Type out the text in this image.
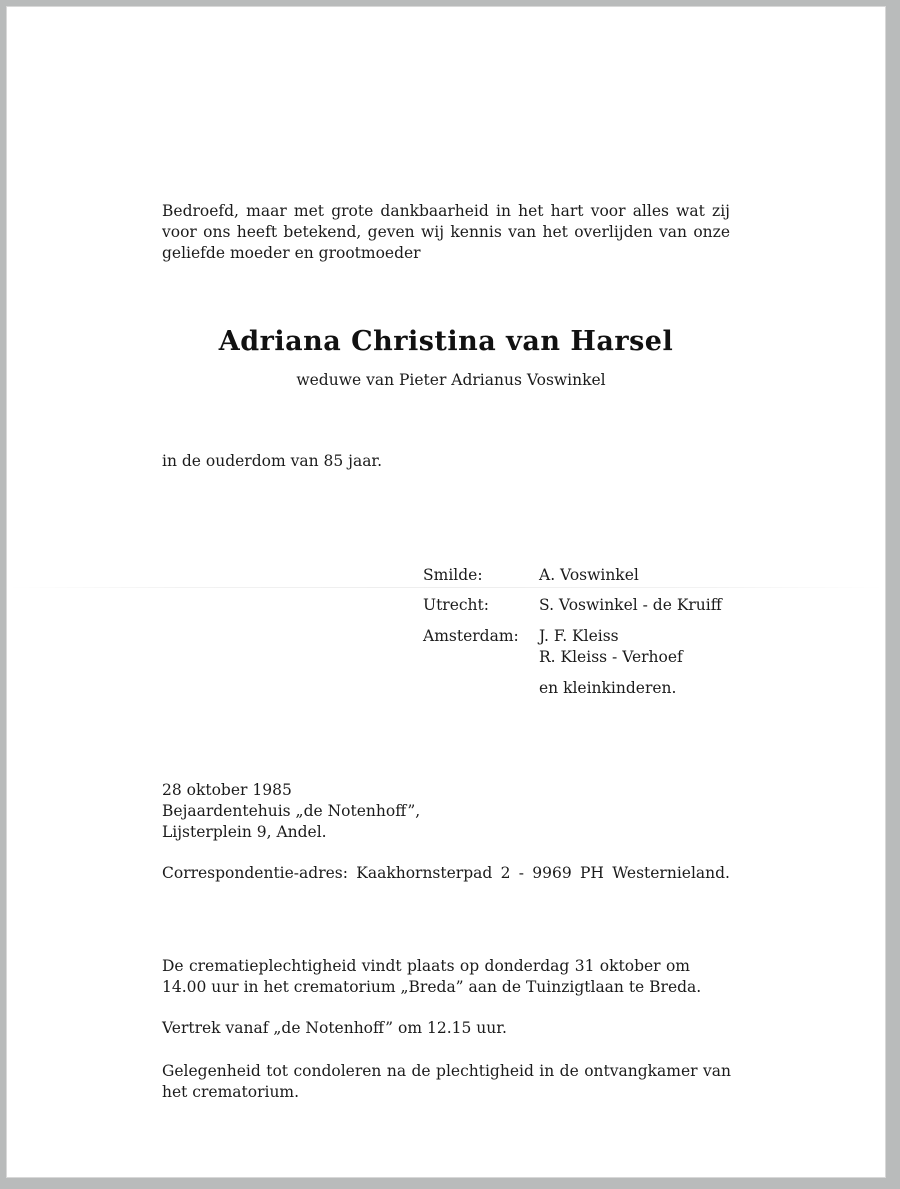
Bedroefd, maar met grote dankbaarheid in het hart voor alles wat zij

voor ons heeft betekend, geven wij kennis van het overlijden van onze

geliefde moeder en grootmoeder

Adriana Christina van Harsel

weduwe van Pieter Adrianus Voswinkel

in de ouderdom van 85 jaar.

Smilde:	A. Voswinkel
Utrecht:	S. Voswinkel - de Kruiff
Amsterdam: J. F. Kleiss
R. Kleiss - Verhoef
en kleinkinderen.

28 oktober 1985

Bejaardentehuis „de Notenhoff”,

Lijsterplein 9, Andel.

Correspondentie-adres: Kaakhornsterpad 2 - 9969 PH Westernieland.

De crematieplechtigheid vindt plaats op donderdag 31 oktober om

14.00 uur in het crematorium „Breda” aan de Tuinzigtlaan te Breda.

Vertrek vanaf „de Notenhoff” om 12.15 uur.

Gelegenheid tot condoleren na de plechtigheid in de ontvangkamer van

het crematorium.
